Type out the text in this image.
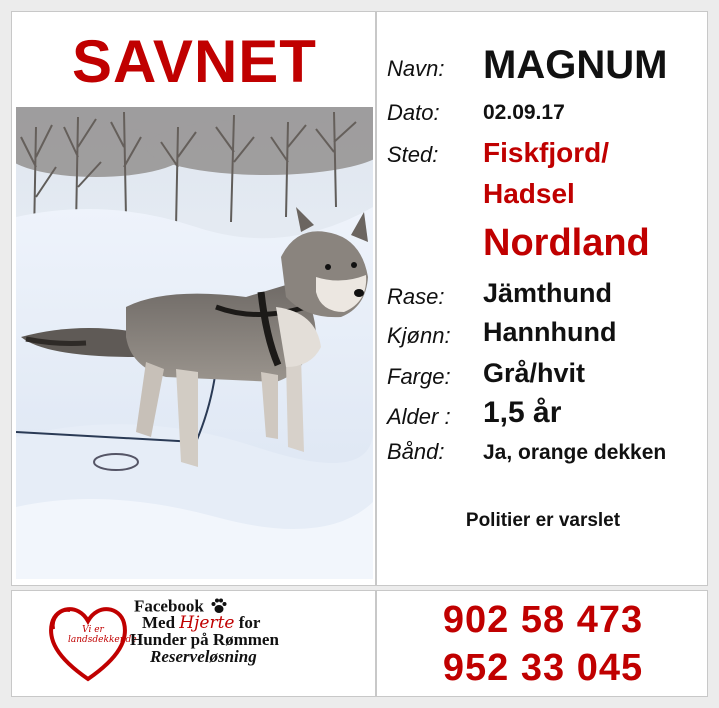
SAVNET	Navn: MAGNUM
Dato: 02.09.17
Sted: Fiskfjord/
Hadsel
Nordland
Rase: Jämthund
Kjønn: Hannhund
Farge: Grå/hvit
Alder : 1,5 år
Bånd: Ja, orange dekken
Politier er varslet
Vi er
landsdekkende
Facebook
Med Hjerte for
Hunder på Rømmen
Reserveløsning
902 58 473
952 33 045
